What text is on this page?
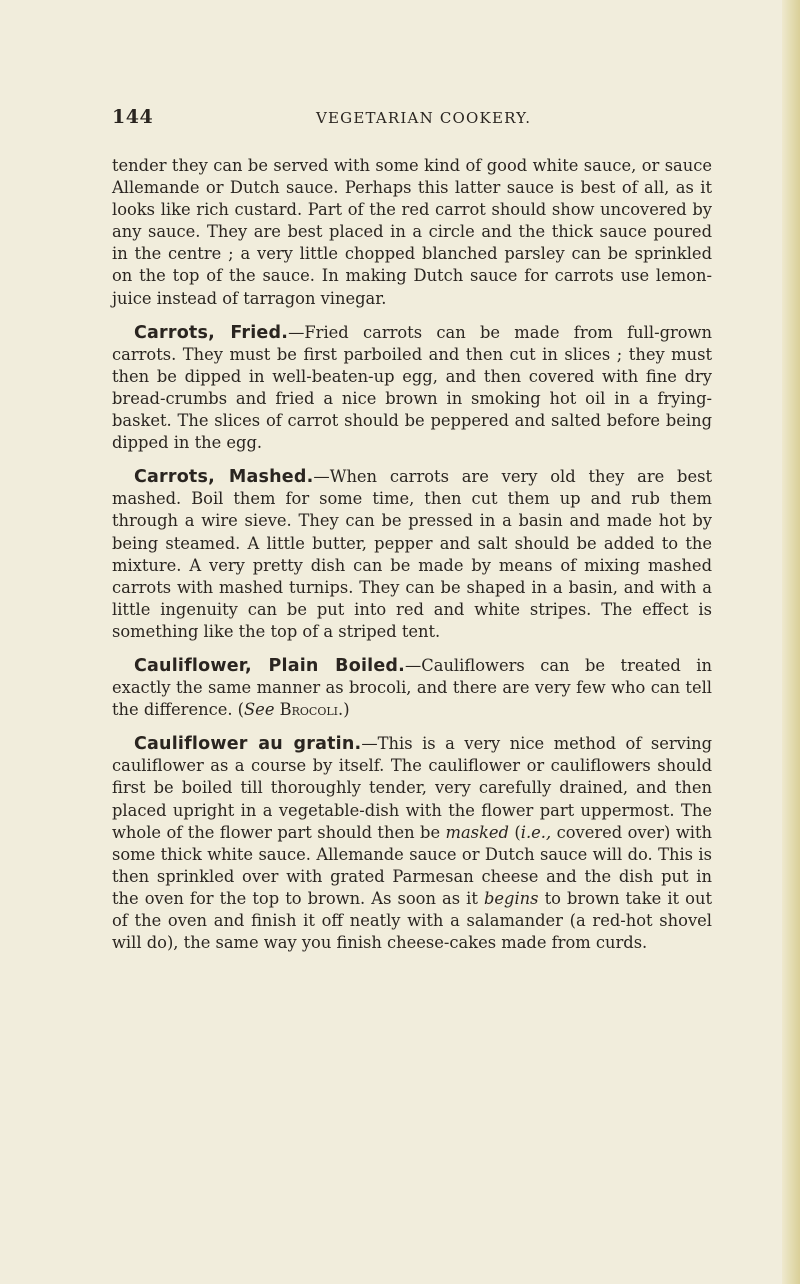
144	VEGETARIAN COOKERY.

tender they can be served with some kind of good white sauce, or sauce Allemande or Dutch sauce. Perhaps this latter sauce is best of all, as it looks like rich custard. Part of the red carrot should show uncovered by any sauce. They are best placed in a circle and the thick sauce poured in the centre ; a very little chopped blanched parsley can be sprinkled on the top of the sauce. In making Dutch sauce for carrots use lemon-juice instead of tarragon vinegar.

Carrots, Fried.—Fried carrots can be made from full-grown carrots. They must be first parboiled and then cut in slices ; they must then be dipped in well-beaten-up egg, and then covered with fine dry bread-crumbs and fried a nice brown in smoking hot oil in a frying-basket. The slices of carrot should be peppered and salted before being dipped in the egg.

Carrots, Mashed.—When carrots are very old they are best mashed. Boil them for some time, then cut them up and rub them through a wire sieve. They can be pressed in a basin and made hot by being steamed. A little butter, pepper and salt should be added to the mixture. A very pretty dish can be made by means of mixing mashed carrots with mashed turnips. They can be shaped in a basin, and with a little ingenuity can be put into red and white stripes. The effect is something like the top of a striped tent.

Cauliflower, Plain Boiled.—Cauliflowers can be treated in exactly the same manner as brocoli, and there are very few who can tell the difference. (See Brocoli.)

Cauliflower au gratin.—This is a very nice method of serving cauliflower as a course by itself. The cauliflower or cauliflowers should first be boiled till thoroughly tender, very carefully drained, and then placed upright in a vegetable-dish with the flower part uppermost. The whole of the flower part should then be masked (i.e., covered over) with some thick white sauce. Allemande sauce or Dutch sauce will do. This is then sprinkled over with grated Parmesan cheese and the dish put in the oven for the top to brown. As soon as it begins to brown take it out of the oven and finish it off neatly with a salamander (a red-hot shovel will do), the same way you finish cheese-cakes made from curds.
